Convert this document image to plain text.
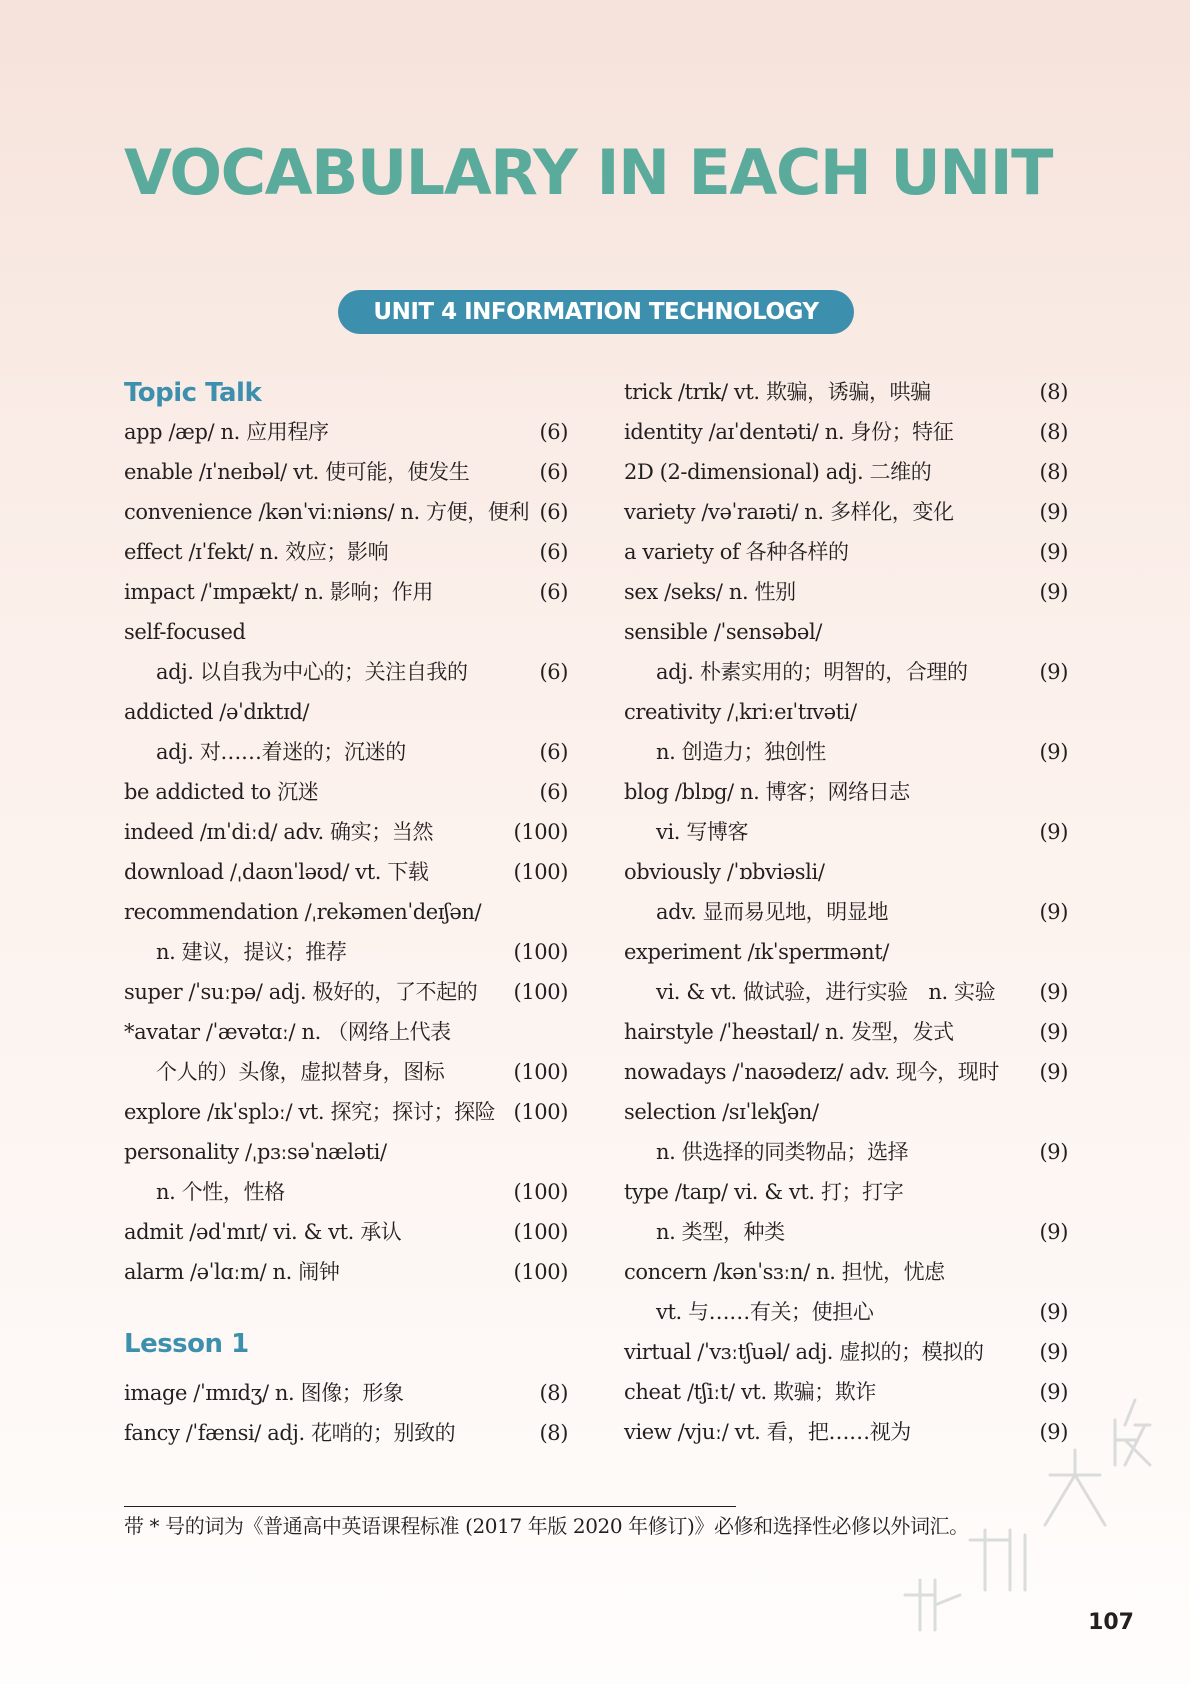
VOCABULARY IN EACH UNIT
UNIT 4 INFORMATION TECHNOLOGY
Topic Talk
app /æp/ n. 应用程序	(6)
enable /ɪˈneɪbəl/ vt. 使可能，使发生	(6)
convenience /kənˈviːniəns/ n. 方便，便利 (6)
effect /ɪˈfekt/ n. 效应；影响	(6)
impact /ˈɪmpækt/ n. 影响；作用	(6)
self-focused
adj. 以自我为中心的；关注自我的	(6)
addicted /əˈdɪktɪd/
adj. 对……着迷的；沉迷的	(6)
be addicted to 沉迷	(6)
indeed /ɪnˈdiːd/ adv. 确实；当然	(100)
download /ˌdaʊnˈləʊd/ vt. 下载	(100)
recommendation /ˌrekəmenˈdeɪʃən/
n. 建议，提议；推荐	(100)
super /ˈsuːpə/ adj. 极好的，了不起的 (100)
*avatar /ˈævətɑː/ n. （网络上代表
个人的）头像，虚拟替身，图标	(100)
explore /ɪkˈsplɔː/ vt. 探究；探讨；探险 (100)
personality /ˌpɜːsəˈnæləti/
n. 个性，性格	(100)
admit /ədˈmɪt/ vi. & vt. 承认	(100)
alarm /əˈlɑːm/ n. 闹钟	(100)
Lesson 1
image /ˈɪmɪdʒ/ n. 图像；形象	(8)
fancy /ˈfænsi/ adj. 花哨的；别致的	(8)
trick /trɪk/ vt. 欺骗，诱骗，哄骗	(8)
identity /aɪˈdentəti/ n. 身份；特征	(8)
2D (2-dimensional) adj. 二维的	(8)
variety /vəˈraɪəti/ n. 多样化，变化	(9)
a variety of 各种各样的	(9)
sex /seks/ n. 性别	(9)
sensible /ˈsensəbəl/
adj. 朴素实用的；明智的，合理的	(9)
creativity /ˌkriːeɪˈtɪvəti/
n. 创造力；独创性	(9)
blog /blɒg/ n. 博客；网络日志
vi. 写博客	(9)
obviously /ˈɒbviəsli/
adv. 显而易见地，明显地	(9)
experiment /ɪkˈsperɪmənt/
vi. & vt. 做试验，进行实验　n. 实验 (9)
hairstyle /ˈheəstaɪl/ n. 发型，发式	(9)
nowadays /ˈnaʊədeɪz/ adv. 现今，现时 (9)
selection /sɪˈlekʃən/
n. 供选择的同类物品；选择	(9)
type /taɪp/ vi. & vt. 打；打字
n. 类型，种类	(9)
concern /kənˈsɜːn/ n. 担忧，忧虑
vt. 与……有关；使担心	(9)
virtual /ˈvɜːtʃuəl/ adj. 虚拟的；模拟的	(9)
cheat /tʃiːt/ vt. 欺骗；欺诈	(9)
view /vjuː/ vt. 看，把……视为	(9)
带 * 号的词为《普通高中英语课程标准 (2017 年版 2020 年修订)》必修和选择性必修以外词汇。
107
